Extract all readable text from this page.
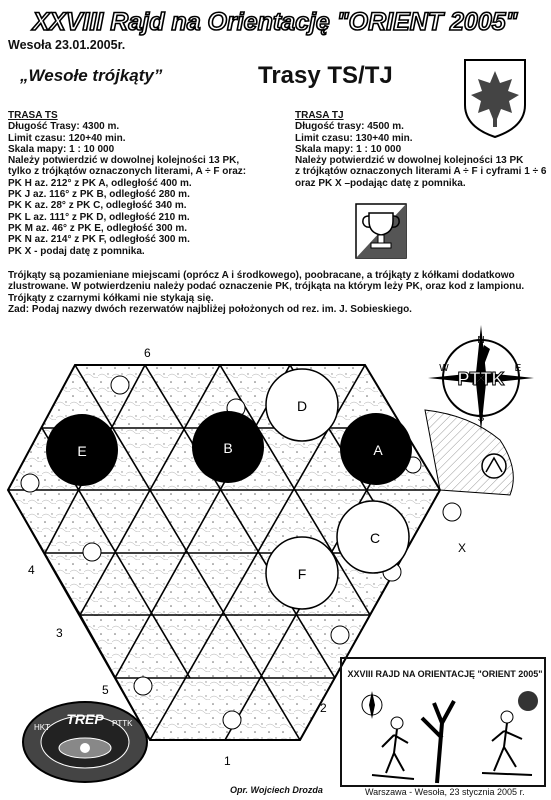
XXVIII Rajd na Orientację "ORIENT 2005"
Wesoła 23.01.2005r.
„Wesołe trójkąty”	Trasy TS/TJ
TRASA TS
Długość Trasy: 4300 m.
Limit czasu: 120+40 min.
Skala mapy: 1 : 10 000
Należy potwierdzić w dowolnej kolejności 13 PK,
tylko z trójkątów oznaczonych literami, A ÷ F oraz:
PK H az. 212° z PK A, odległość 400 m.
PK J az. 116° z PK B, odległość 280 m.
PK K az. 28° z PK C, odległość 340 m.
PK L az. 111° z PK D, odległość 210 m.
PK M az. 46° z PK E, odległość 300 m.
PK N az. 214° z PK F, odległość 300 m.
PK X - podaj datę z pomnika.
TRASA TJ
Długość trasy: 4500 m.
Limit czasu: 130+40 min.
Skala mapy: 1 : 10 000
Należy potwierdzić w dowolnej kolejności 13 PK
z trójkątów oznaczonych literami A ÷ F i cyframi 1 ÷ 6
oraz PK X –podając datę z pomnika.
Trójkąty są pozamieniane miejscami (oprócz A i środkowego), poobracane, a trójkąty z kółkami dodatkowo
zlustrowane. W potwierdzeniu należy podać oznaczenie PK, trójkąta na którym leży PK, oraz kod z lampionu.
Trójkąty z czarnymi kółkami nie stykają się.
Zad: Podaj nazwy dwóch rezerwatów najbliżej położonych od rez. im. J. Sobieskiego.
N
E
S
W
PTTK
D
C
F
E	B	A
6
4
3
5
2
1
X
TREP
HKT	PTTK
XXVIII RAJD NA ORIENTACJĘ "ORIENT 2005"
Opr. Wojciech Drozda	Warszawa - Wesoła, 23 stycznia 2005 r.
